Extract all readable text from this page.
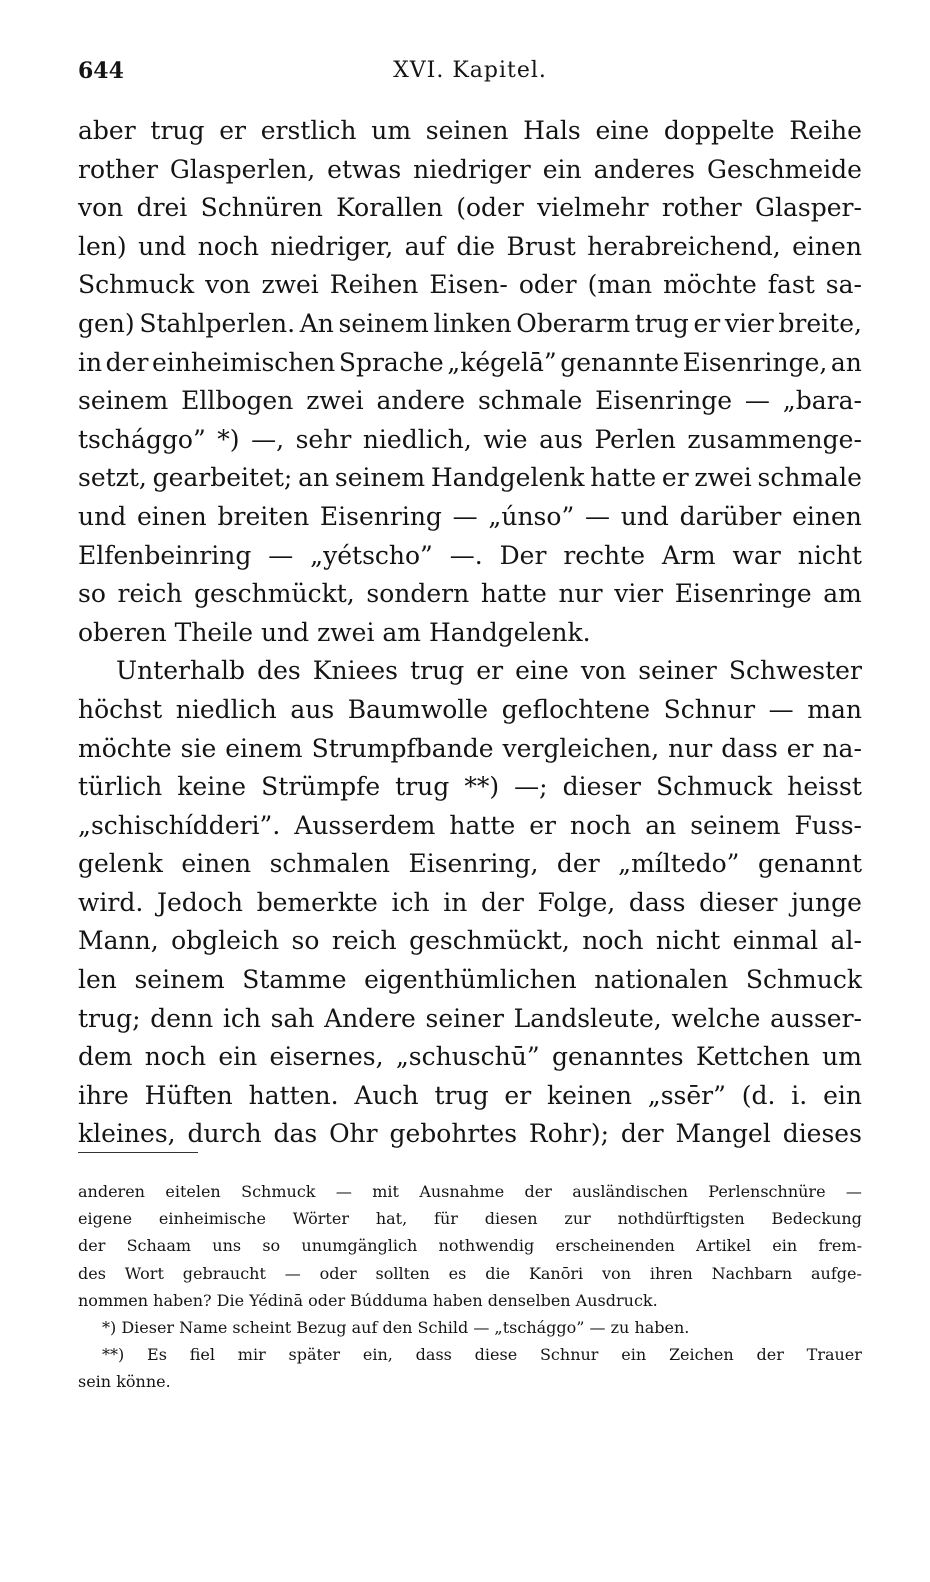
644	XVI. Kapitel.
aber trug er erstlich um seinen Hals eine doppelte Reihe
rother Glasperlen, etwas niedriger ein anderes Geschmeide
von drei Schnüren Korallen (oder vielmehr rother Glasper-
len) und noch niedriger, auf die Brust herabreichend, einen
Schmuck von zwei Reihen Eisen- oder (man möchte fast sa-
gen) Stahlperlen. An seinem linken Oberarm trug er vier breite,
in der einheimischen Sprache „kégelā” genannte Eisenringe, an
seinem Ellbogen zwei andere schmale Eisenringe — „bara-
tschággo” *) —, sehr niedlich, wie aus Perlen zusammenge-
setzt, gearbeitet; an seinem Handgelenk hatte er zwei schmale
und einen breiten Eisenring — „únso” — und darüber einen
Elfenbeinring — „yétscho” —. Der rechte Arm war nicht
so reich geschmückt, sondern hatte nur vier Eisenringe am
oberen Theile und zwei am Handgelenk.
Unterhalb des Kniees trug er eine von seiner Schwester
höchst niedlich aus Baumwolle geflochtene Schnur — man
möchte sie einem Strumpfbande vergleichen, nur dass er na-
türlich keine Strümpfe trug **) —; dieser Schmuck heisst
„schischídderi”. Ausserdem hatte er noch an seinem Fuss-
gelenk einen schmalen Eisenring, der „míltedo” genannt
wird. Jedoch bemerkte ich in der Folge, dass dieser junge
Mann, obgleich so reich geschmückt, noch nicht einmal al-
len seinem Stamme eigenthümlichen nationalen Schmuck
trug; denn ich sah Andere seiner Landsleute, welche ausser-
dem noch ein eisernes, „schuschū” genanntes Kettchen um
ihre Hüften hatten. Auch trug er keinen „ssēr” (d. i. ein
kleines, durch das Ohr gebohrtes Rohr); der Mangel dieses
anderen eitelen Schmuck — mit Ausnahme der ausländischen Perlenschnüre —
eigene einheimische Wörter hat, für diesen zur nothdürftigsten Bedeckung
der Schaam uns so unumgänglich nothwendig erscheinenden Artikel ein frem-
des Wort gebraucht — oder sollten es die Kanōri von ihren Nachbarn aufge-
nommen haben? Die Yédinā oder Búdduma haben denselben Ausdruck.
*) Dieser Name scheint Bezug auf den Schild — „tschággo” — zu haben.
**) Es fiel mir später ein, dass diese Schnur ein Zeichen der Trauer
sein könne.
